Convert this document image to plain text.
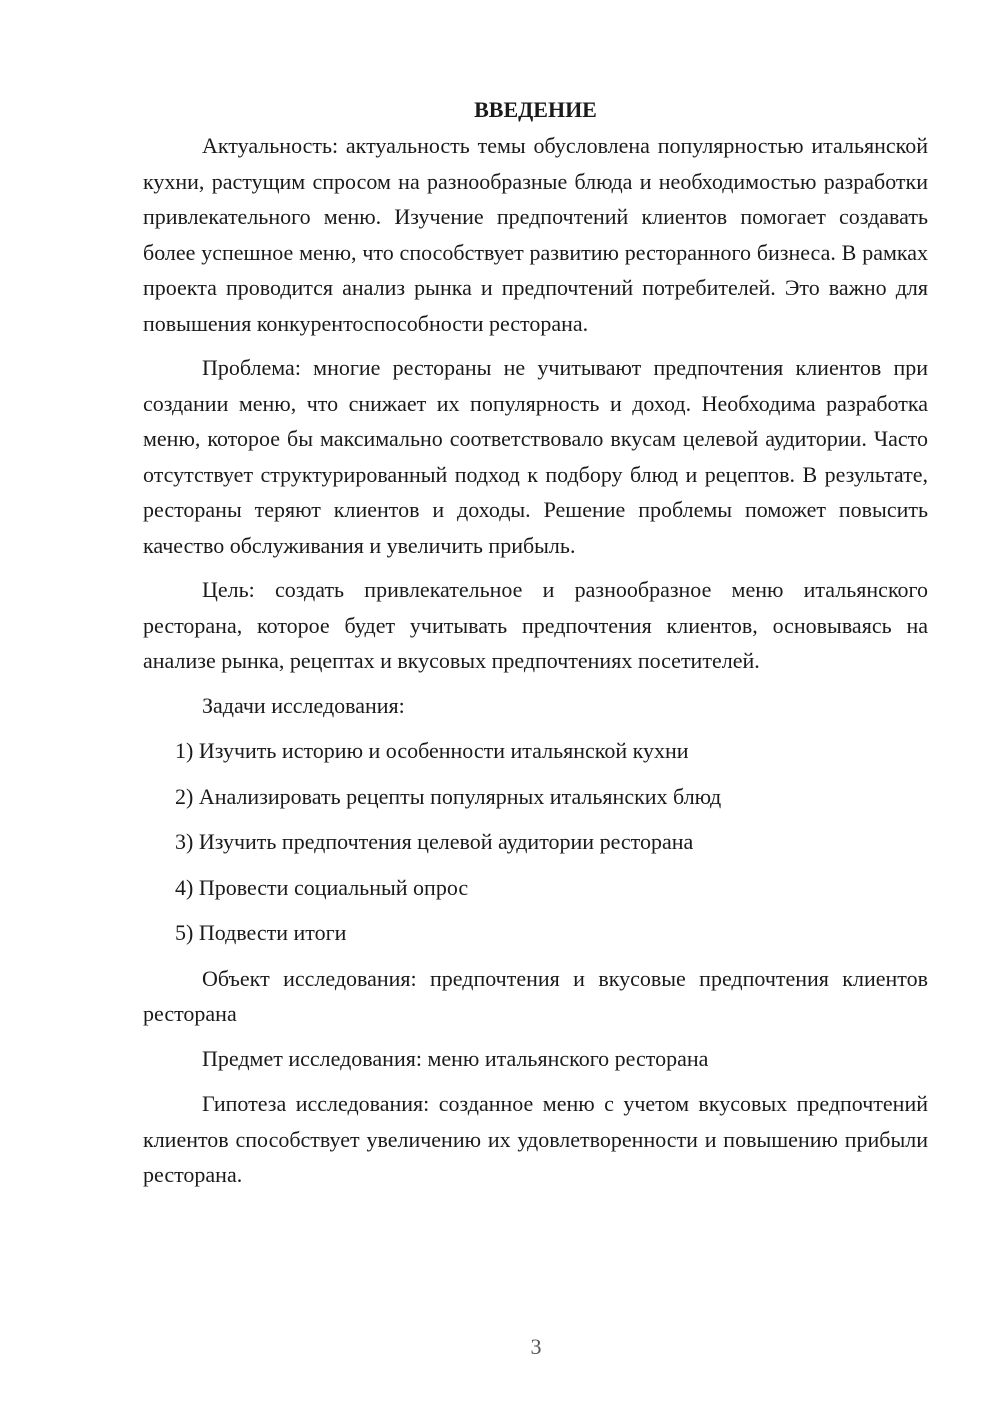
ВВЕДЕНИЕ

Актуальность: актуальность темы обусловлена популярностью итальянской кухни, растущим спросом на разнообразные блюда и необходимостью разработки привлекательного меню. Изучение предпочтений клиентов помогает создавать более успешное меню, что способствует развитию ресторанного бизнеса. В рамках проекта проводится анализ рынка и предпочтений потребителей. Это важно для повышения конкурентоспособности ресторана.

Проблема: многие рестораны не учитывают предпочтения клиентов при создании меню, что снижает их популярность и доход. Необходима разработка меню, которое бы максимально соответствовало вкусам целевой аудитории. Часто отсутствует структурированный подход к подбору блюд и рецептов. В результате, рестораны теряют клиентов и доходы. Решение проблемы поможет повысить качество обслуживания и увеличить прибыль.

Цель: создать привлекательное и разнообразное меню итальянского ресторана, которое будет учитывать предпочтения клиентов, основываясь на анализе рынка, рецептах и вкусовых предпочтениях посетителей.

Задачи исследования:

1) Изучить историю и особенности итальянской кухни
2) Анализировать рецепты популярных итальянских блюд
3) Изучить предпочтения целевой аудитории ресторана
4) Провести социальный опрос
5) Подвести итоги

Объект исследования: предпочтения и вкусовые предпочтения клиентов ресторана

Предмет исследования: меню итальянского ресторана

Гипотеза исследования: созданное меню с учетом вкусовых предпочтений клиентов способствует увеличению их удовлетворенности и повышению прибыли ресторана.

3
